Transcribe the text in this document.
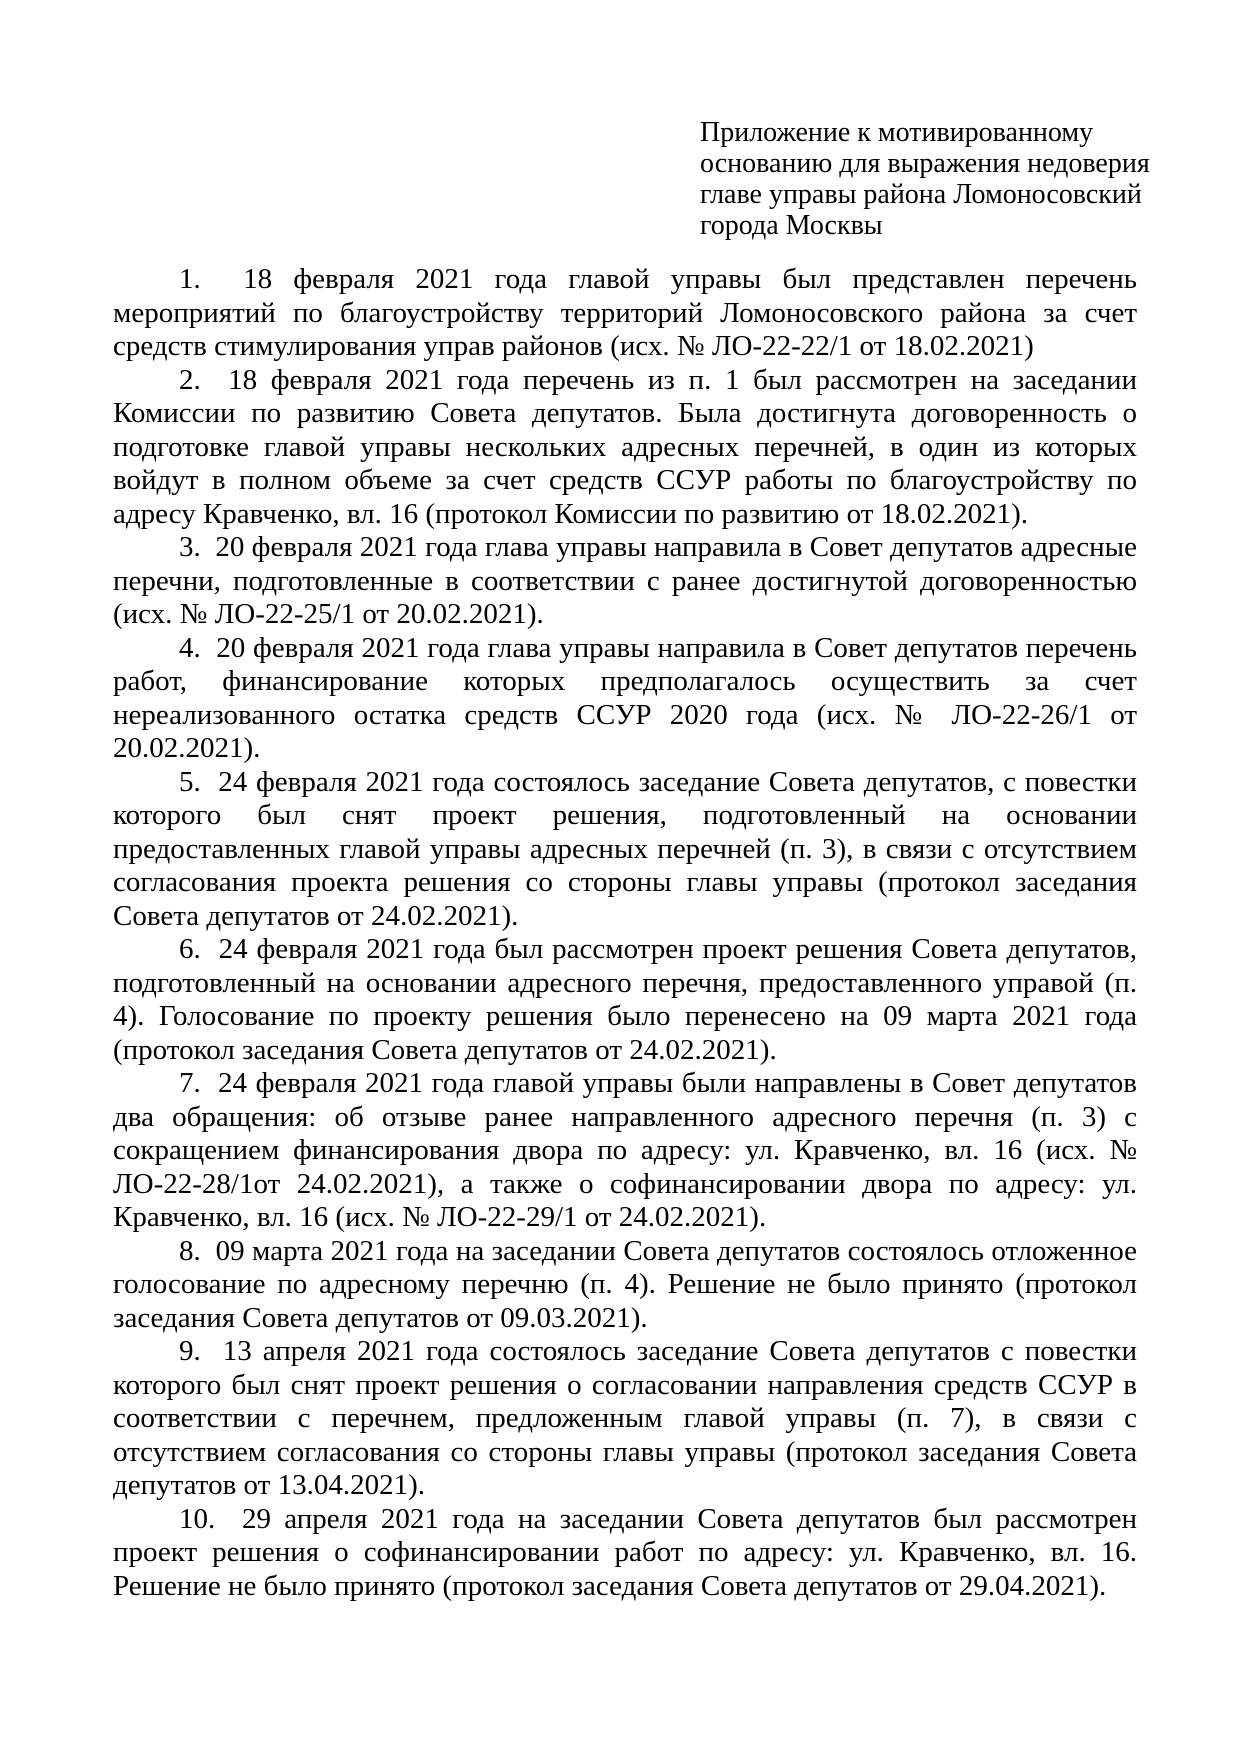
Приложение к мотивированному
основанию для выражения недоверия
главе управы района Ломоносовский
города Москвы

1.  18 февраля 2021 года главой управы был представлен перечень мероприятий по благоустройству территорий Ломоносовского района за счет средств стимулирования управ районов (исх. № ЛО-22-22/1 от 18.02.2021)

2.  18 февраля 2021 года перечень из п. 1 был рассмотрен на заседании Комиссии по развитию Совета депутатов. Была достигнута договоренность о подготовке главой управы нескольких адресных перечней, в один из которых войдут в полном объеме за счет средств ССУР работы по благоустройству по адресу Кравченко, вл. 16 (протокол Комиссии по развитию от 18.02.2021).

3.  20 февраля 2021 года глава управы направила в Совет депутатов адресные перечни, подготовленные в соответствии с ранее достигнутой договоренностью (исх. № ЛО-22-25/1 от 20.02.2021).

4.  20 февраля 2021 года глава управы направила в Совет депутатов перечень работ, финансирование которых предполагалось осуществить за счет нереализованного остатка средств ССУР 2020 года (исх. № ЛО-22-26/1 от 20.02.2021).

5.  24 февраля 2021 года состоялось заседание Совета депутатов, с повестки которого был снят проект решения, подготовленный на основании предоставленных главой управы адресных перечней (п. 3), в связи с отсутствием согласования проекта решения со стороны главы управы (протокол заседания Совета депутатов от 24.02.2021).

6.  24 февраля 2021 года был рассмотрен проект решения Совета депутатов, подготовленный на основании адресного перечня, предоставленного управой (п. 4). Голосование по проекту решения было перенесено на 09 марта 2021 года (протокол заседания Совета депутатов от 24.02.2021).

7.  24 февраля 2021 года главой управы были направлены в Совет депутатов два обращения: об отзыве ранее направленного адресного перечня (п. 3) с сокращением финансирования двора по адресу: ул. Кравченко, вл. 16 (исх. № ЛО-22-28/1от 24.02.2021), а также о софинансировании двора по адресу: ул. Кравченко, вл. 16 (исх. № ЛО-22-29/1 от 24.02.2021).

8.  09 марта 2021 года на заседании Совета депутатов состоялось отложенное голосование по адресному перечню (п. 4). Решение не было принято (протокол заседания Совета депутатов от 09.03.2021).

9.  13 апреля 2021 года состоялось заседание Совета депутатов с повестки которого был снят проект решения о согласовании направления средств ССУР в соответствии с перечнем, предложенным главой управы (п. 7), в связи с отсутствием согласования со стороны главы управы (протокол заседания Совета депутатов от 13.04.2021).

10.  29 апреля 2021 года на заседании Совета депутатов был рассмотрен проект решения о софинансировании работ по адресу: ул. Кравченко, вл. 16. Решение не было принято (протокол заседания Совета депутатов от 29.04.2021).
